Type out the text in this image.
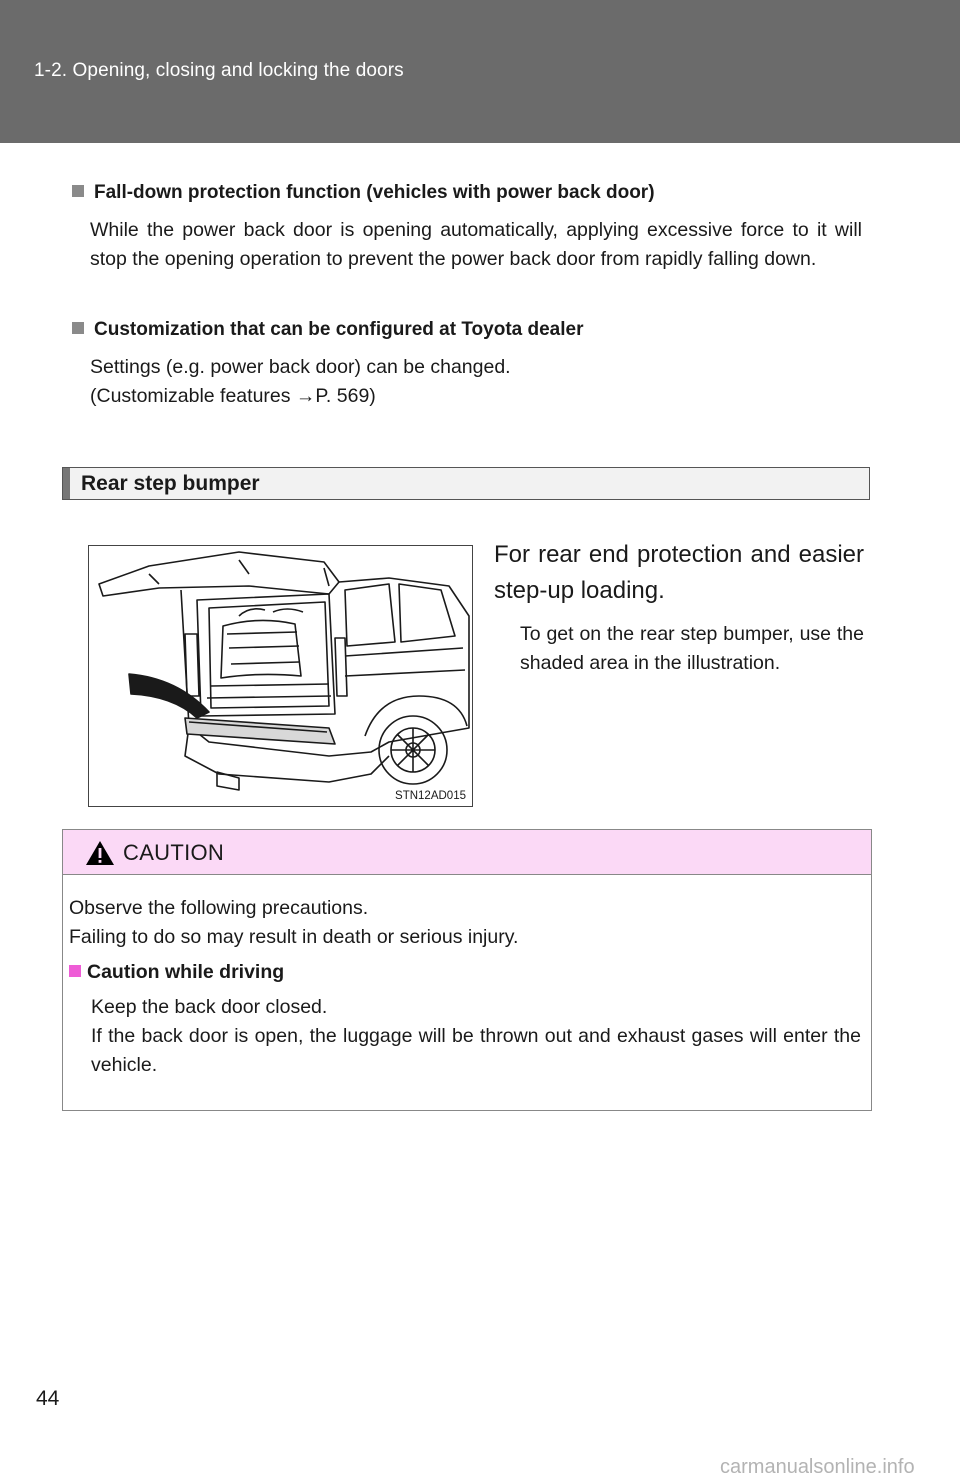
1-2. Opening, closing and locking the doors
Fall-down protection function (vehicles with power back door)
While the power back door is opening automatically, applying excessive force to it will stop the opening operation to prevent the power back door from rapidly falling down.
Customization that can be configured at Toyota dealer
Settings (e.g. power back door) can be changed.
(Customizable features →P. 569)
Rear step bumper
STN12AD015
For rear end protection and easier step-up loading.
To get on the rear step bumper, use the shaded area in the illustration.
CAUTION
Observe the following precautions.
Failing to do so may result in death or serious injury.
Caution while driving
Keep the back door closed.
If the back door is open, the luggage will be thrown out and exhaust gases will enter the vehicle.
44
carmanualsonline.info
